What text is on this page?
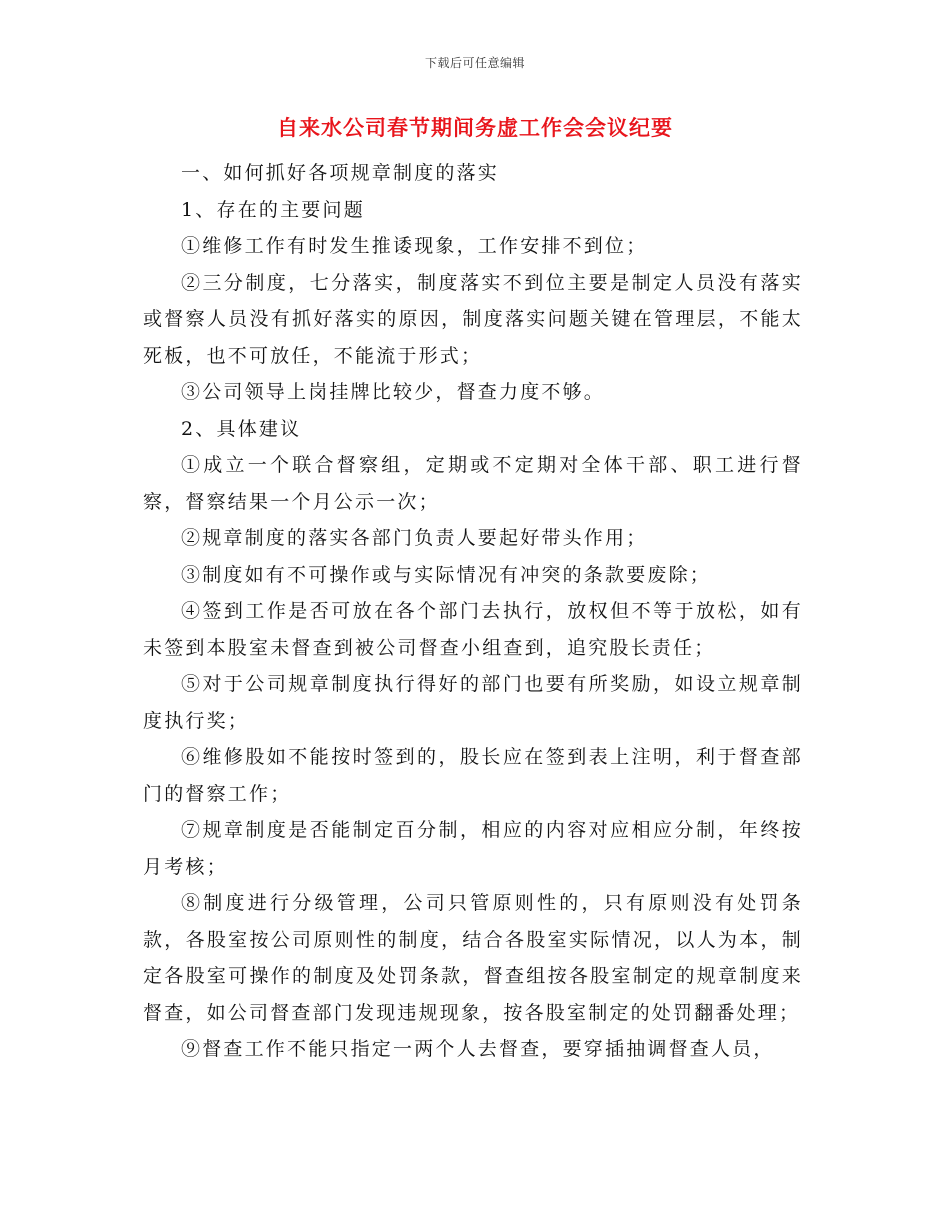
下载后可任意编辑
自来水公司春节期间务虚工作会会议纪要

一、如何抓好各项规章制度的落实

1、存在的主要问题

①维修工作有时发生推诿现象，工作安排不到位；

②三分制度，七分落实，制度落实不到位主要是制定人员没有落实或督察人员没有抓好落实的原因，制度落实问题关键在管理层，不能太死板，也不可放任，不能流于形式；

③公司领导上岗挂牌比较少，督查力度不够。

2、具体建议

①成立一个联合督察组，定期或不定期对全体干部、职工进行督察，督察结果一个月公示一次；

②规章制度的落实各部门负责人要起好带头作用；

③制度如有不可操作或与实际情况有冲突的条款要废除；

④签到工作是否可放在各个部门去执行，放权但不等于放松，如有未签到本股室未督查到被公司督查小组查到，追究股长责任；

⑤对于公司规章制度执行得好的部门也要有所奖励，如设立规章制度执行奖；

⑥维修股如不能按时签到的，股长应在签到表上注明，利于督查部门的督察工作；

⑦规章制度是否能制定百分制，相应的内容对应相应分制，年终按月考核；

⑧制度进行分级管理，公司只管原则性的，只有原则没有处罚条款，各股室按公司原则性的制度，结合各股室实际情况，以人为本，制定各股室可操作的制度及处罚条款，督查组按各股室制定的规章制度来督查，如公司督查部门发现违规现象，按各股室制定的处罚翻番处理；

⑨督查工作不能只指定一两个人去督查，要穿插抽调督查人员，
